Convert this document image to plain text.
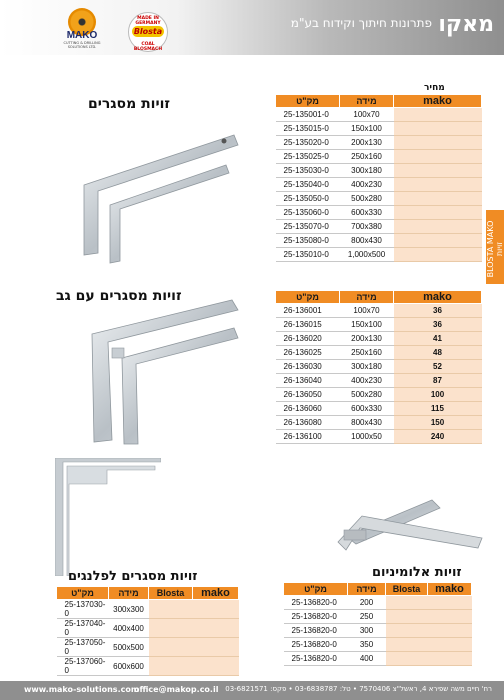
MAKO
CUTTING & DRILLING SOLUTIONS LTD.
MADE IN GERMANY
Blosta
COAL BLOSMACH
פתרונות חיתוך וקידוח בע"מ מאקו
BLOSTA MAKO זויות
זויות מסגרים
מחיר
מק"ט	מידה	mako
25-135001-0	100x70	
25-135015-0	150x100	
25-135020-0	200x130	
25-135025-0	250x160	
25-135030-0	300x180	
25-135040-0	400x230	
25-135050-0	500x280	
25-135060-0	600x330	
25-135070-0	700x380	
25-135080-0	800x430	
25-135010-0	1,000x500	
זויות מסגרים עם גב	מק"ט	מידה	mako
26-136001	100x70	36
26-136015	150x100	36
26-136020	200x130	41
26-136025	250x160	48
26-136030	300x180	52
26-136040	400x230	87
26-136050	500x280	100
26-136060	600x330	115
26-136080	800x430	150
26-136100	1000x50	240
זויות מסגרים לפלנגים
מק"ט	מידה	Blosta	mako
25-137030-0	300x300		
25-137040-0	400x400		
25-137050-0	500x500		
25-137060-0	600x600		
זויות אלומיניום
מק"ט	מידה	Blosta	mako
25-136820-0	200		
25-136820-0	250		
25-136820-0	300		
25-136820-0	350		
25-136820-0	400		
www.mako-solutions.com
office@makop.co.il רח' חיים משה שפירא 4, ראשל"צ 7570406 • טל: 03-6838787 • פקס: 03-6821571
